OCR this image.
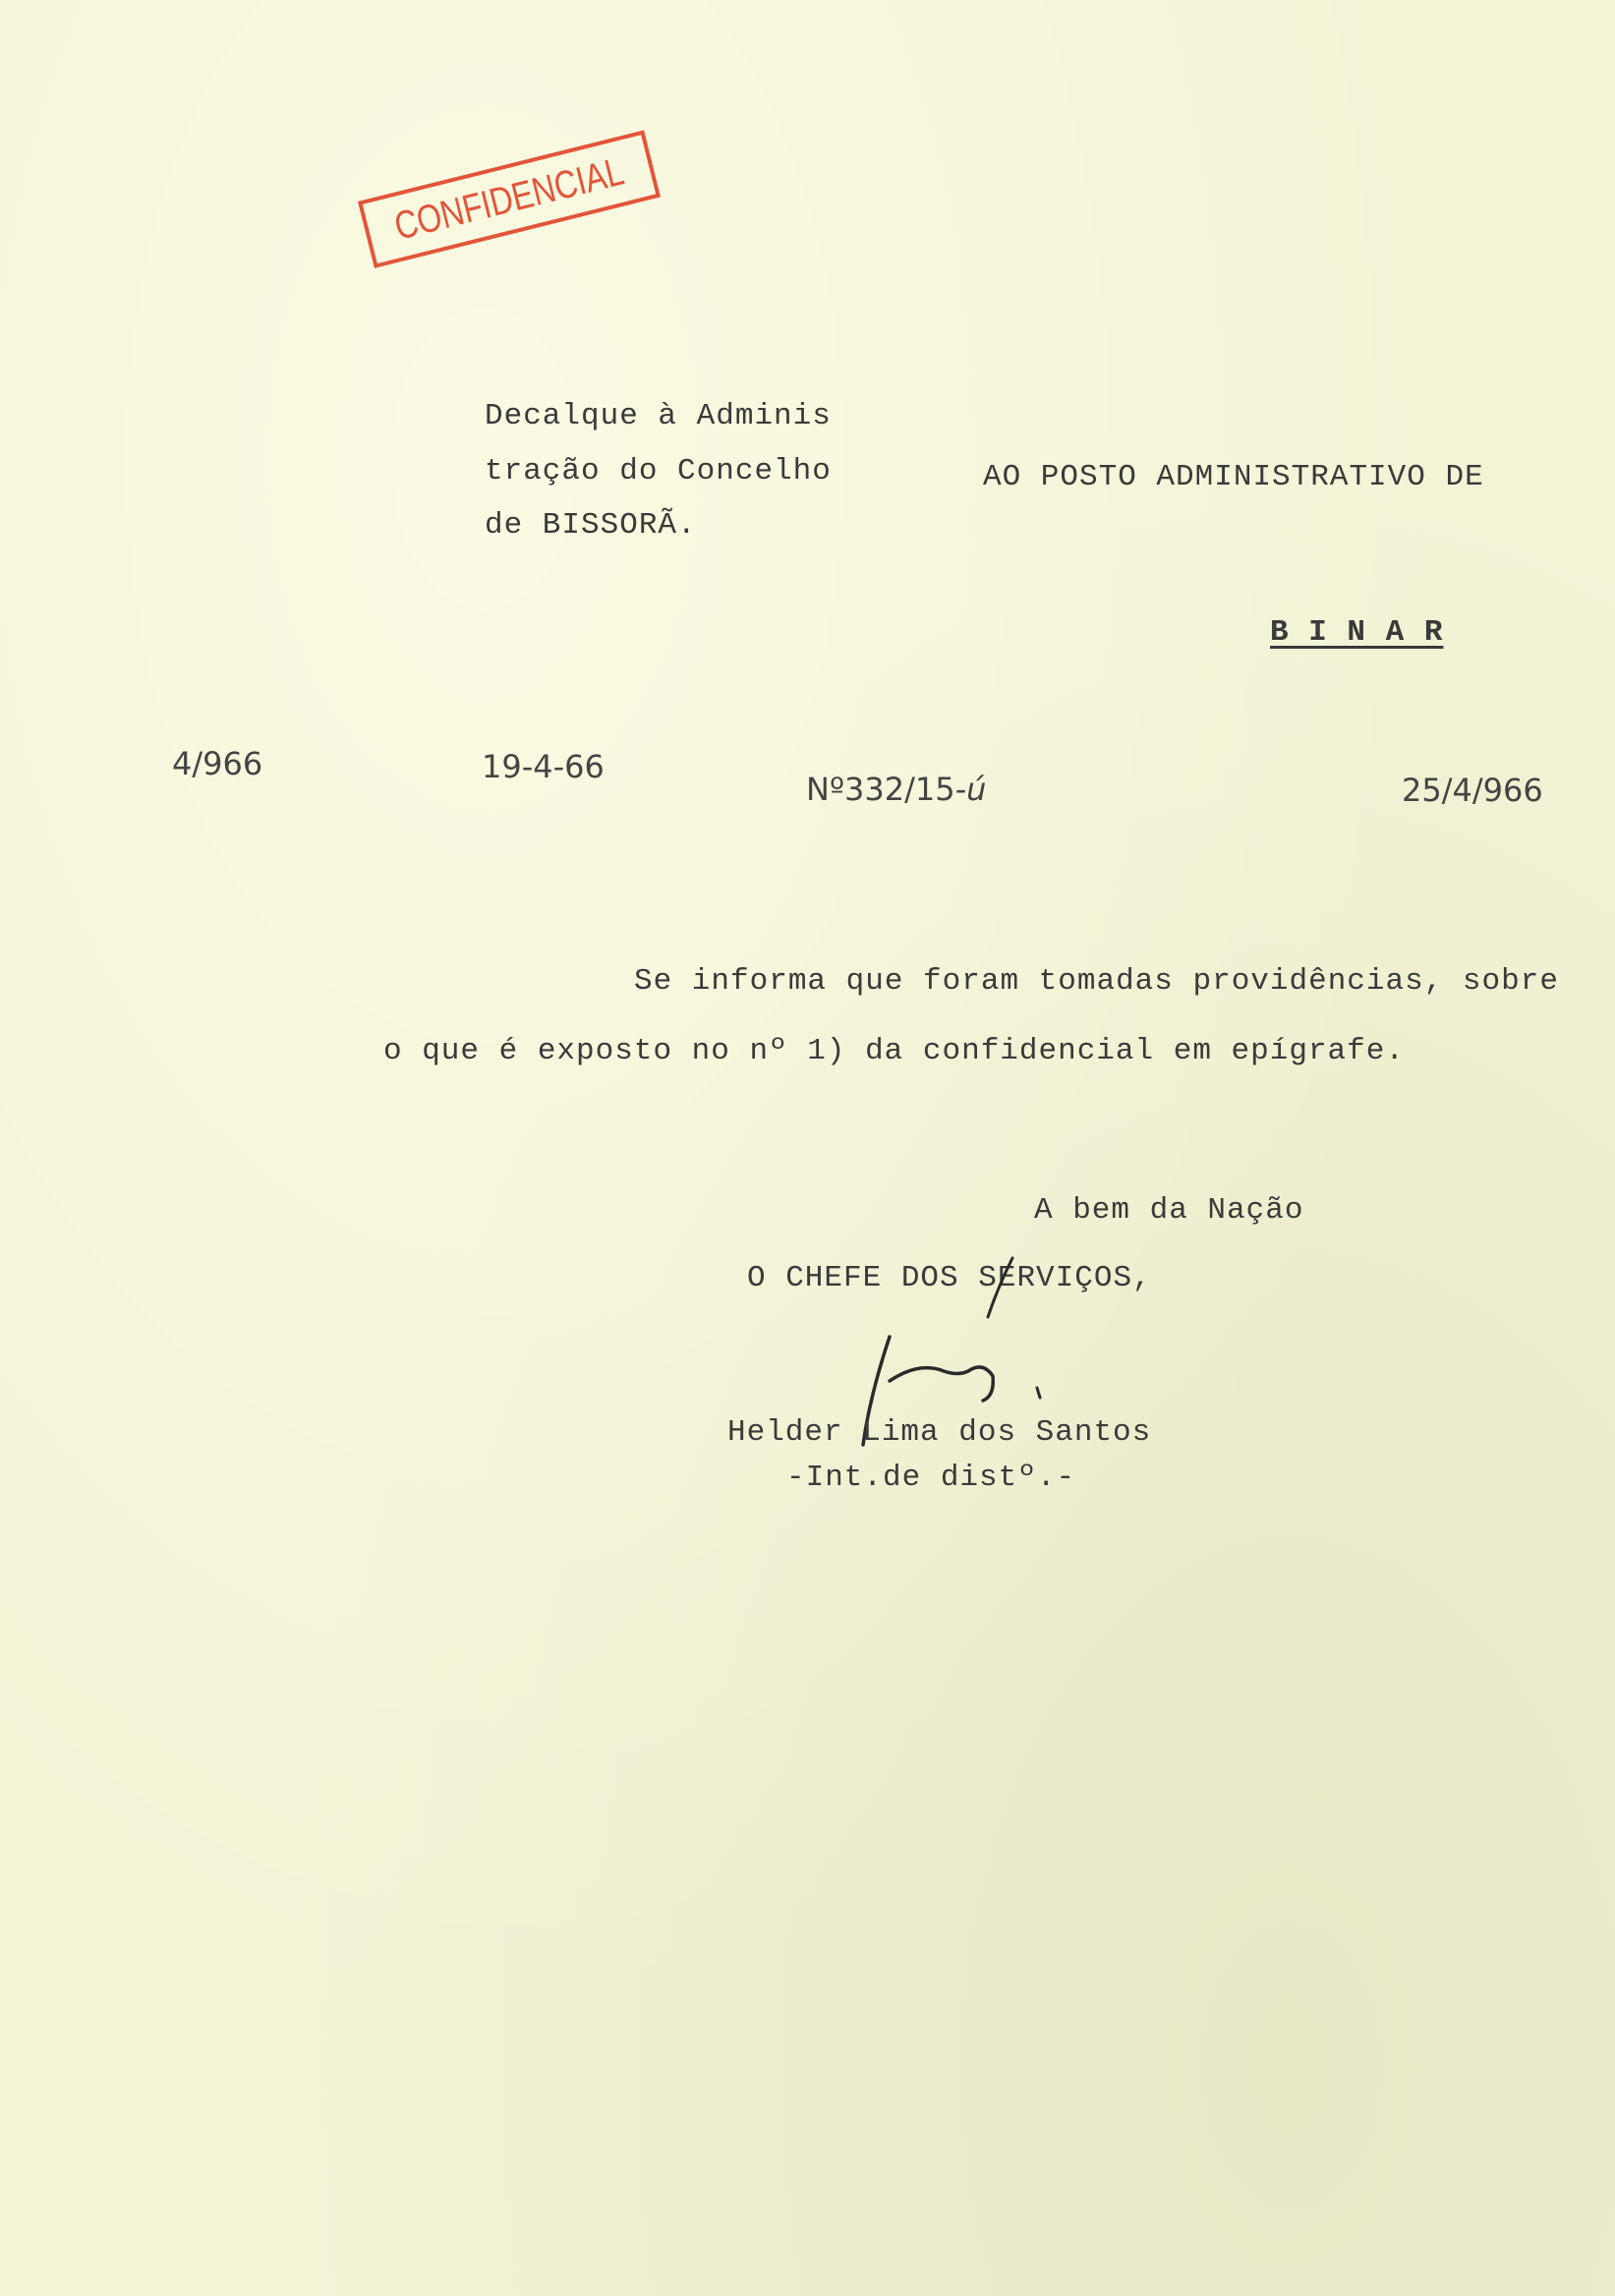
CONFIDENCIAL
Decalque à Adminis
tração do Concelho
de BISSORÃ.
AO POSTO ADMINISTRATIVO DE
B I N A R
4/966	19-4-66
Nº332/15-ú	25/4/966
Se informa que foram tomadas providências, sobre
o que é exposto no nº 1) da confidencial em epígrafe.
A bem da Nação
O CHEFE DOS SERVIÇOS,
Helder Lima dos Santos
-Int.de distº.-
